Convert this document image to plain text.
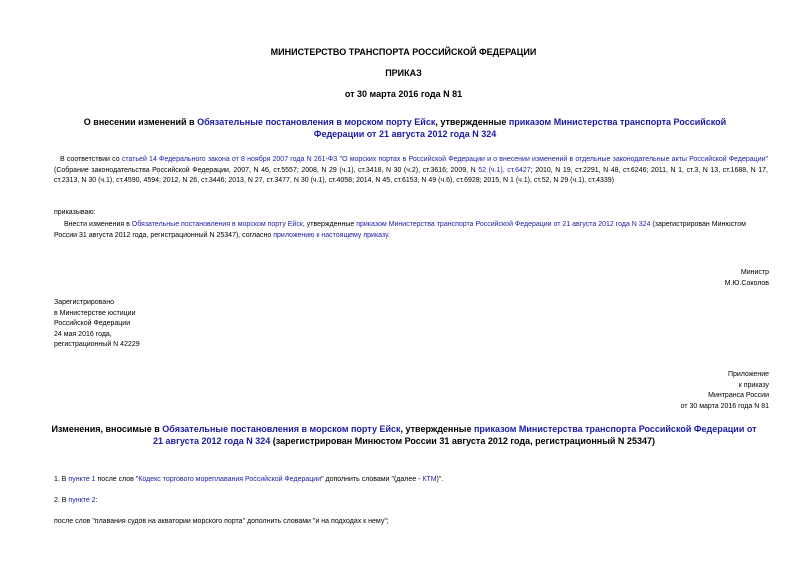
МИНИСТЕРСТВО ТРАНСПОРТА РОССИЙСКОЙ ФЕДЕРАЦИИ
ПРИКАЗ
от 30 марта 2016 года N 81
О внесении изменений в Обязательные постановления в морском порту Ейск, утвержденные приказом Министерства транспорта Российской Федерации от 21 августа 2012 года N 324
В соответствии со статьей 14 Федерального закона от 8 ноября 2007 года N 261-ФЗ "О морских портах в Российской Федерации и о внесении изменений в отдельные законодательные акты Российской Федерации" (Собрание законодательства Российской Федерации, 2007, N 46, ст.5557; 2008, N 29 (ч.1), ст.3418, N 30 (ч.2), ст.3616; 2009, N 52 (ч.1), ст.6427; 2010, N 19, ст.2291, N 48, ст.6246; 2011, N 1, ст.3, N 13, ст.1688, N 17, ст.2313, N 30 (ч.1), ст.4590, 4594; 2012, N 26, ст.3446; 2013, N 27, ст.3477, N 30 (ч.1), ст.4058; 2014, N 45, ст.6153, N 49 (ч.6), ст.6928; 2015, N 1 (ч.1), ст.52, N 29 (ч.1), ст.4339)
приказываю:
Внести изменения в Обязательные постановления в морском порту Ейск, утвержденные приказом Министерства транспорта Российской Федерации от 21 августа 2012 года N 324 (зарегистрирован Минюстом России 31 августа 2012 года, регистрационный N 25347), согласно приложению к настоящему приказу.
Министр
М.Ю.Соколов
Зарегистрировано
в Министерстве юстиции
Российской Федерации
24 мая 2016 года,
регистрационный N 42229
Приложение
к приказу
Минтранса России
от 30 марта 2016 года N 81
Изменения, вносимые в Обязательные постановления в морском порту Ейск, утвержденные приказом Министерства транспорта Российской Федерации от 21 августа 2012 года N 324 (зарегистрирован Минюстом России 31 августа 2012 года, регистрационный N 25347)
1. В пункте 1 после слов "Кодекс торгового мореплавания Российской Федерации" дополнить словами "(далее - КТМ)".
2. В пункте 2:
после слов "плавания судов на акватории морского порта" дополнить словами "и на подходах к нему";
